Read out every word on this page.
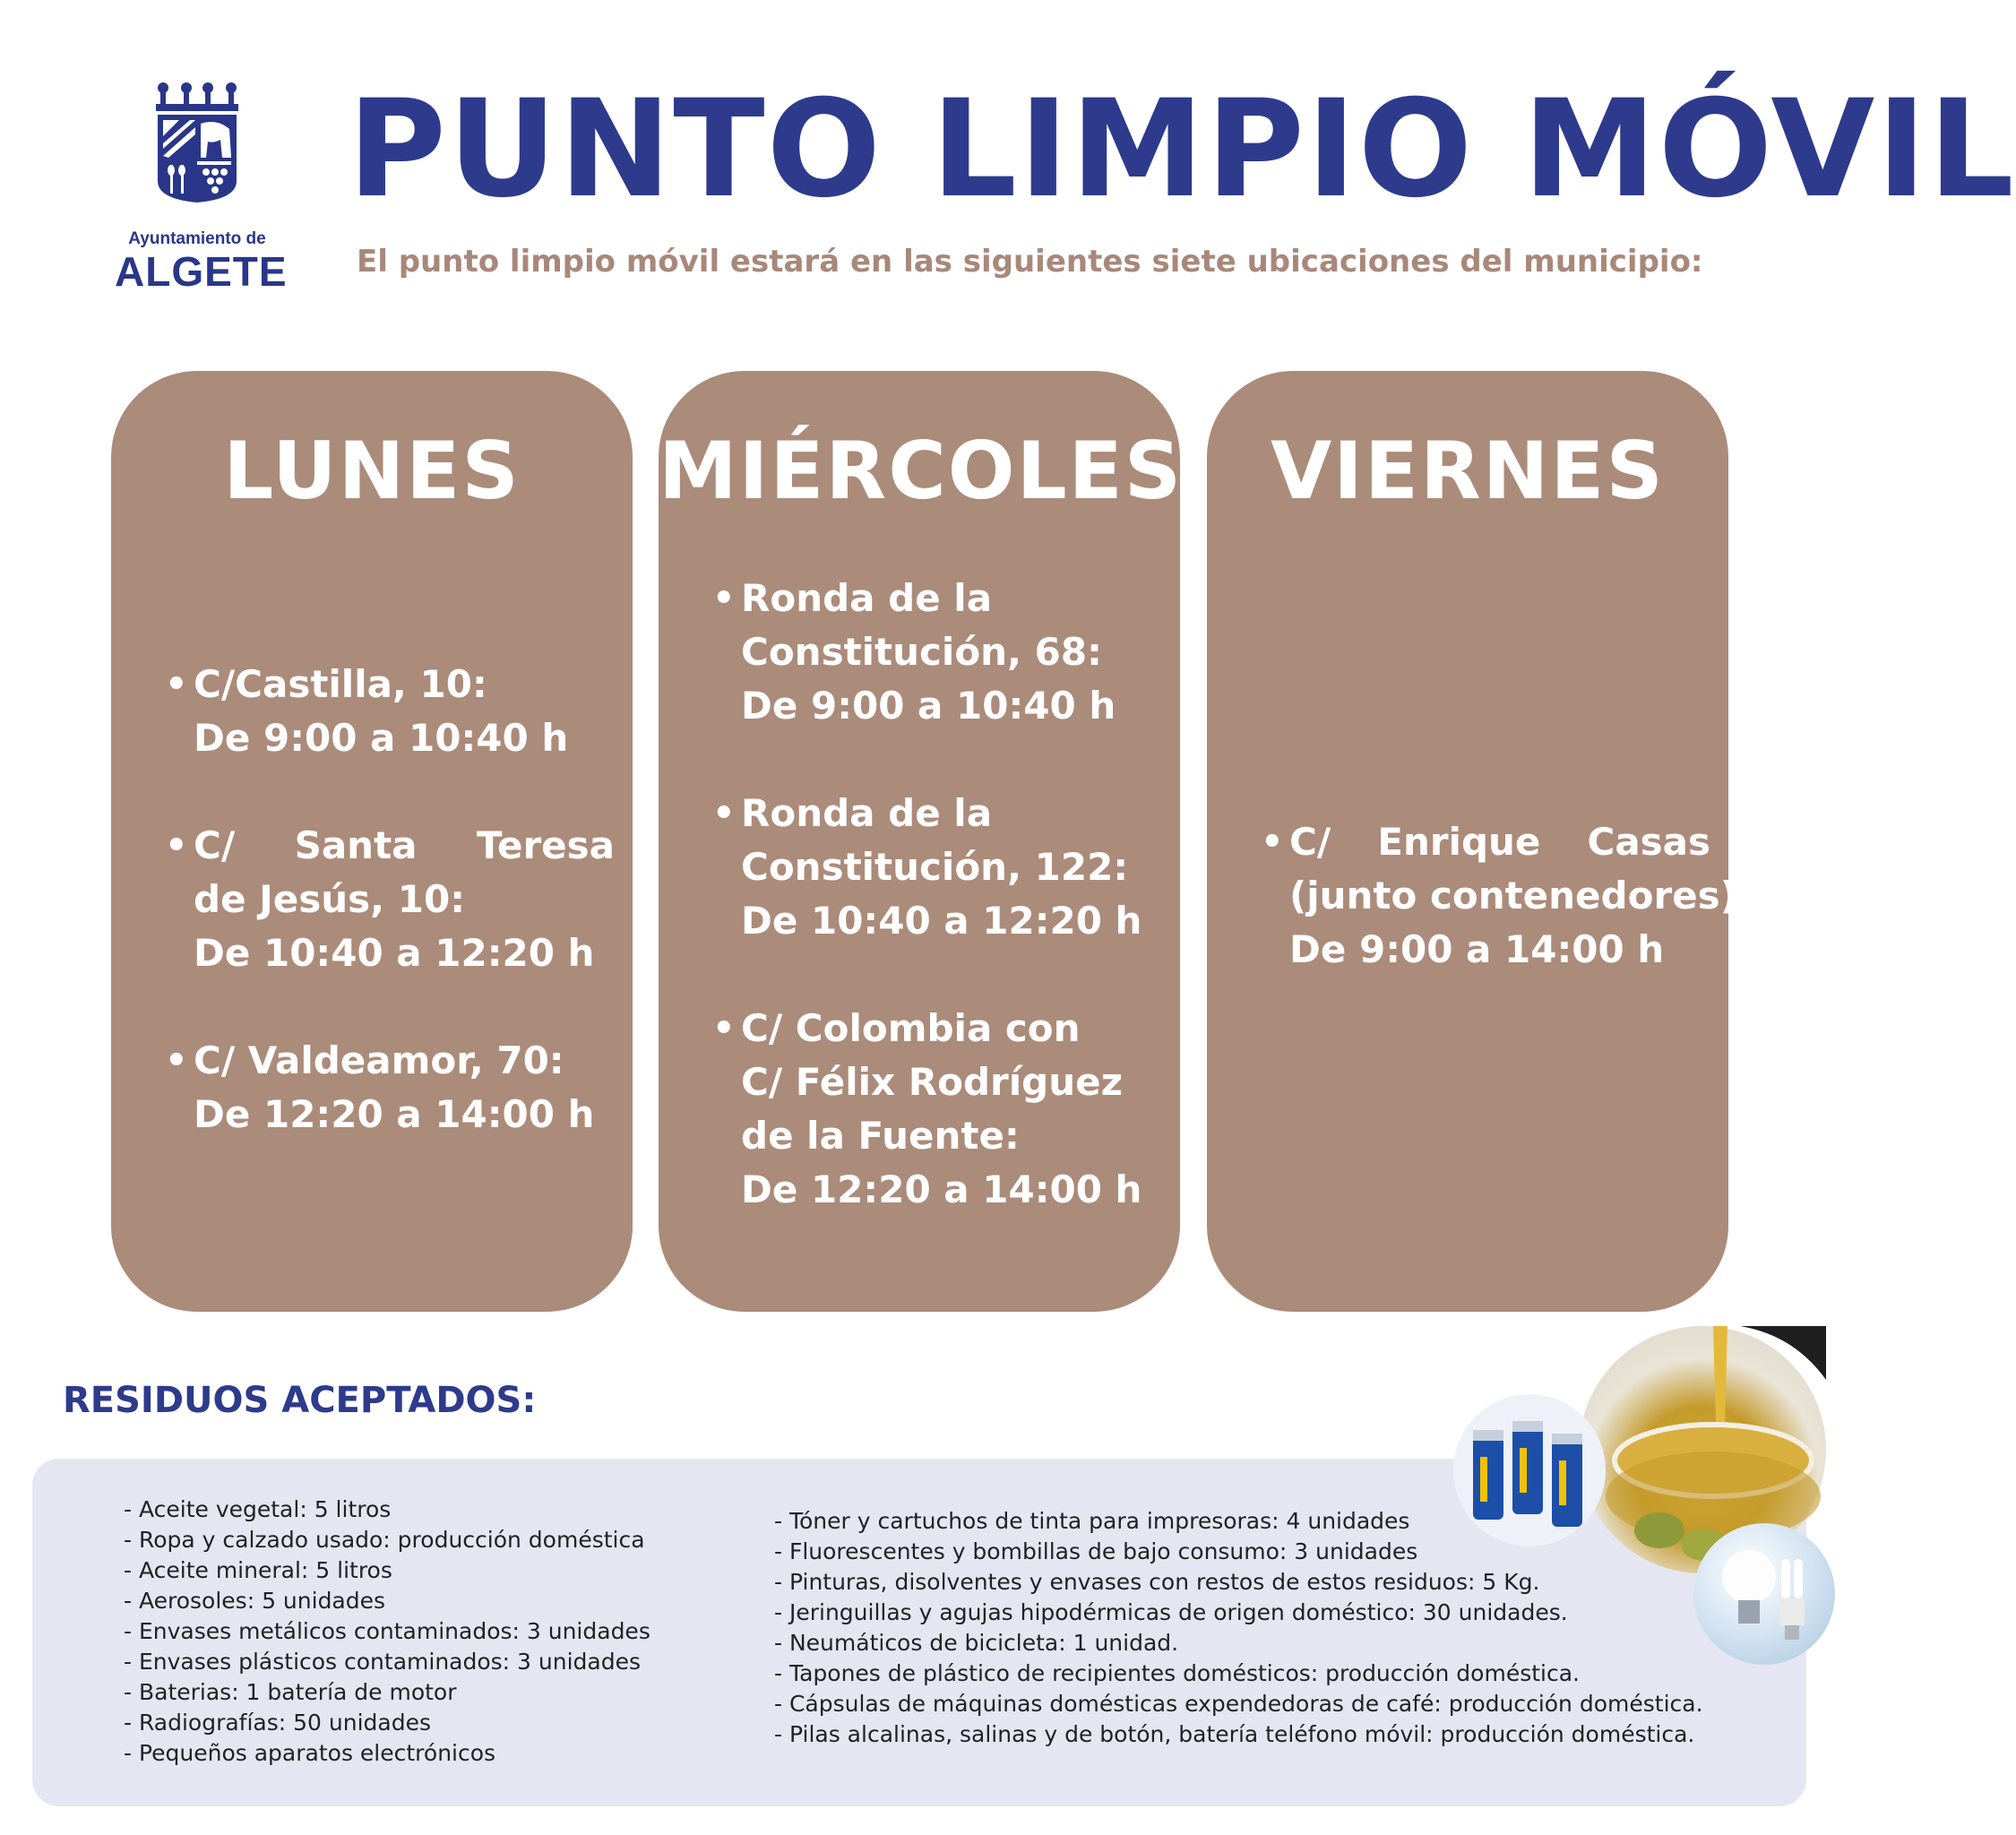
Ayuntamiento de
ALGETE
PUNTO LIMPIO MÓVIL
El punto limpio móvil estará en las siguientes siete ubicaciones del municipio:
LUNES
• C/Castilla, 10:
De 9:00 a 10:40 h
• C/ Santa Teresa
de Jesús, 10:
De 10:40 a 12:20 h
• C/ Valdeamor, 70:
De 12:20 a 14:00 h
MIÉRCOLES
• Ronda de la
Constitución, 68:
De 9:00 a 10:40 h
• Ronda de la
Constitución, 122:
De 10:40 a 12:20 h
• C/ Colombia con
C/ Félix Rodríguez
de la Fuente:
De 12:20 a 14:00 h
VIERNES
• C/ Enrique Casas
(junto contenedores):
De 9:00 a 14:00 h
RESIDUOS ACEPTADOS:
- Aceite vegetal: 5 litros
- Ropa y calzado usado: producción doméstica
- Aceite mineral: 5 litros
- Aerosoles: 5 unidades
- Envases metálicos contaminados: 3 unidades
- Envases plásticos contaminados: 3 unidades
- Baterias: 1 batería de motor
- Radiografías: 50 unidades
- Pequeños aparatos electrónicos
- Tóner y cartuchos de tinta para impresoras: 4 unidades
- Fluorescentes y bombillas de bajo consumo: 3 unidades
- Pinturas, disolventes y envases con restos de estos residuos: 5 Kg.
- Jeringuillas y agujas hipodérmicas de origen doméstico: 30 unidades.
- Neumáticos de bicicleta: 1 unidad.
- Tapones de plástico de recipientes domésticos: producción doméstica.
- Cápsulas de máquinas domésticas expendedoras de café: producción doméstica.
- Pilas alcalinas, salinas y de botón, batería teléfono móvil: producción doméstica.
